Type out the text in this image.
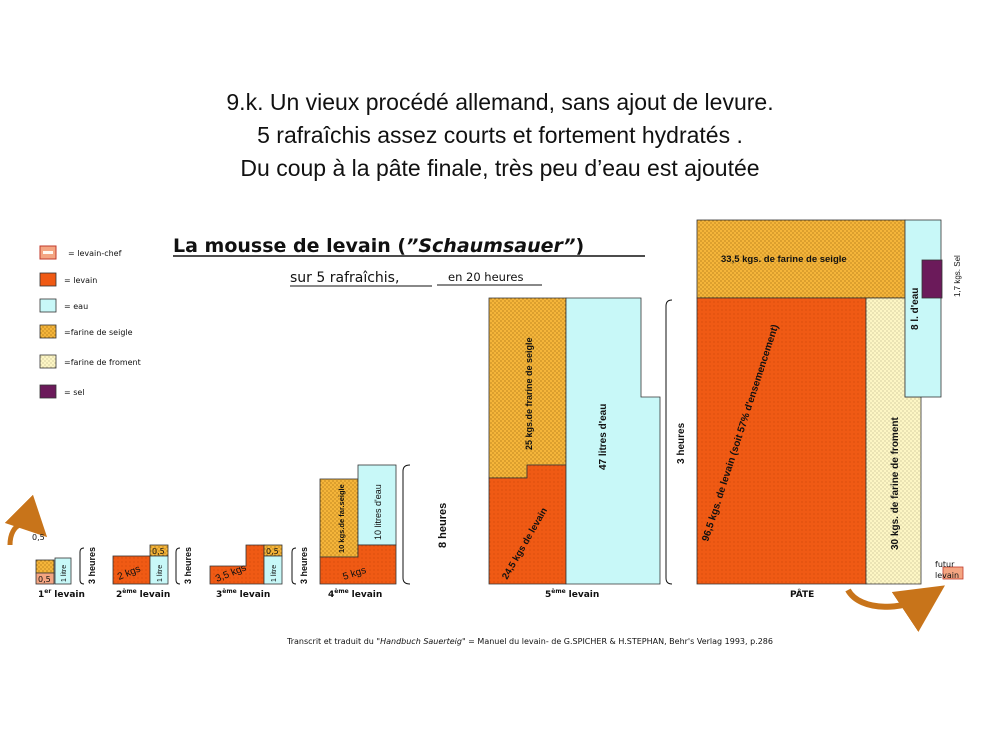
9.k. Un vieux procédé allemand, sans ajout de levure.
5 rafraîchis assez courts et fortement hydratés .
Du coup à la pâte finale, très peu d’eau est ajoutée
La mousse de levain (”Schaumsauer”)
sur 5 rafraîchis,	en 20 heures
= levain-chef
= levain
= eau
=farine de seigle
=farine de froment
= sel
0,5
0,5 1 litre
1er levain
3 heures 2 kgs
0,5
1 litre
2ème levain
3 heures 3,5 kgs
0,5
1 litre
3ème levain
3 heures
10 kgs.de far.seigle	10 litres d'eau
5 kgs
4ème levain
8 heures
25 kgs.de frarine de seigle
24,5 kgs de levain
47 litres d'eau
5ème levain
3 heures
33,5 kgs. de farine de seigle
96,5 kgs. de levain (soit 57% d'ensemencement)	30 kgs. de farine de froment
8 l. d'eau
1,7 kgs. Sel
PÂTE
futur
levain
Transcrit et traduit du "Handbuch Sauerteig" = Manuel du levain- de G.SPICHER & H.STEPHAN, Behr's Verlag 1993, p.286
